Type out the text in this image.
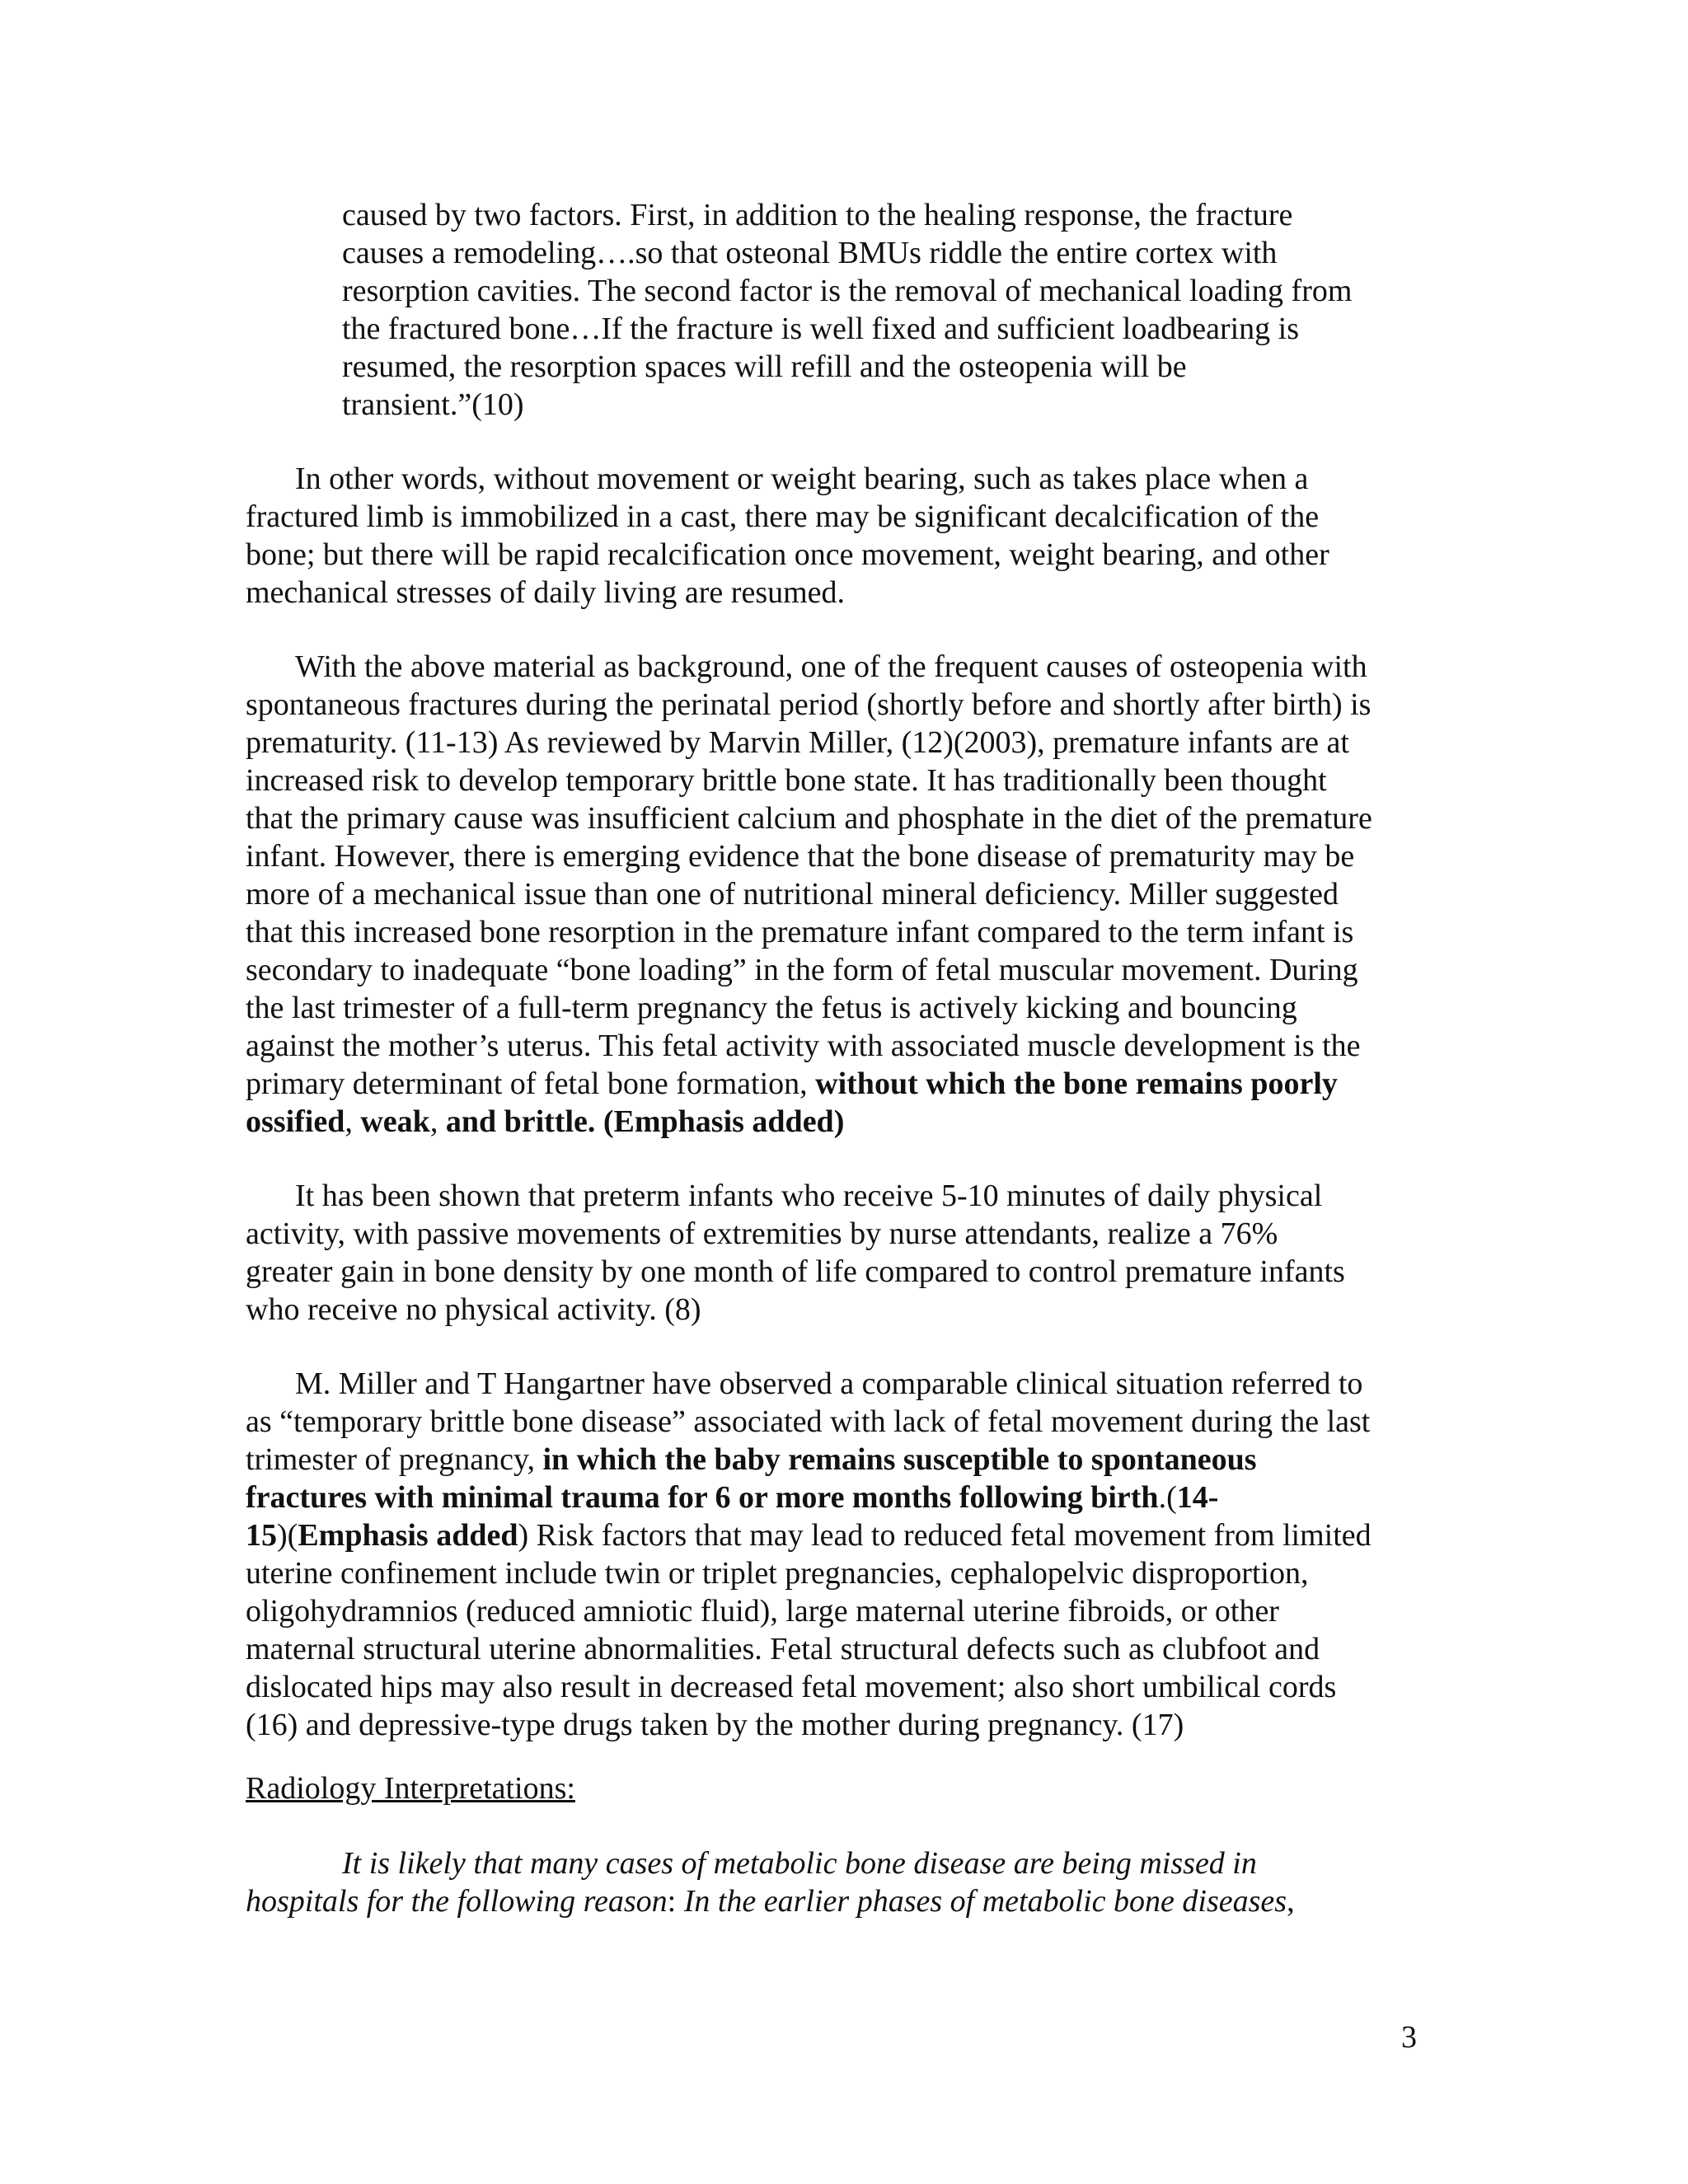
caused by two factors. First, in addition to the healing response, the fracture
causes a remodeling….so that osteonal BMUs riddle the entire cortex with
resorption cavities. The second factor is the removal of mechanical loading from
the fractured bone…If the fracture is well fixed and sufficient loadbearing is
resumed, the resorption spaces will refill and the osteopenia will be
transient.”(10)
In other words, without movement or weight bearing, such as takes place when a
fractured limb is immobilized in a cast, there may be significant decalcification of the
bone; but there will be rapid recalcification once movement, weight bearing, and other
mechanical stresses of daily living are resumed.
With the above material as background, one of the frequent causes of osteopenia with
spontaneous fractures during the perinatal period (shortly before and shortly after birth) is
prematurity. (11-13) As reviewed by Marvin Miller, (12)(2003), premature infants are at
increased risk to develop temporary brittle bone state. It has traditionally been thought
that the primary cause was insufficient calcium and phosphate in the diet of the premature
infant. However, there is emerging evidence that the bone disease of prematurity may be
more of a mechanical issue than one of nutritional mineral deficiency. Miller suggested
that this increased bone resorption in the premature infant compared to the term infant is
secondary to inadequate “bone loading” in the form of fetal muscular movement. During
the last trimester of a full-term pregnancy the fetus is actively kicking and bouncing
against the mother’s uterus. This fetal activity with associated muscle development is the
primary determinant of fetal bone formation, without which the bone remains poorly
ossified, weak, and brittle. (Emphasis added)
It has been shown that preterm infants who receive 5-10 minutes of daily physical
activity, with passive movements of extremities by nurse attendants, realize a 76%
greater gain in bone density by one month of life compared to control premature infants
who receive no physical activity. (8)
M. Miller and T Hangartner have observed a comparable clinical situation referred to
as “temporary brittle bone disease” associated with lack of fetal movement during the last
trimester of pregnancy, in which the baby remains susceptible to spontaneous
fractures with minimal trauma for 6 or more months following birth.(14-
15)(Emphasis added) Risk factors that may lead to reduced fetal movement from limited
uterine confinement include twin or triplet pregnancies, cephalopelvic disproportion,
oligohydramnios (reduced amniotic fluid), large maternal uterine fibroids, or other
maternal structural uterine abnormalities. Fetal structural defects such as clubfoot and
dislocated hips may also result in decreased fetal movement; also short umbilical cords
(16) and depressive-type drugs taken by the mother during pregnancy. (17)
Radiology Interpretations:
It is likely that many cases of metabolic bone disease are being missed in
hospitals for the following reason: In the earlier phases of metabolic bone diseases,
3
